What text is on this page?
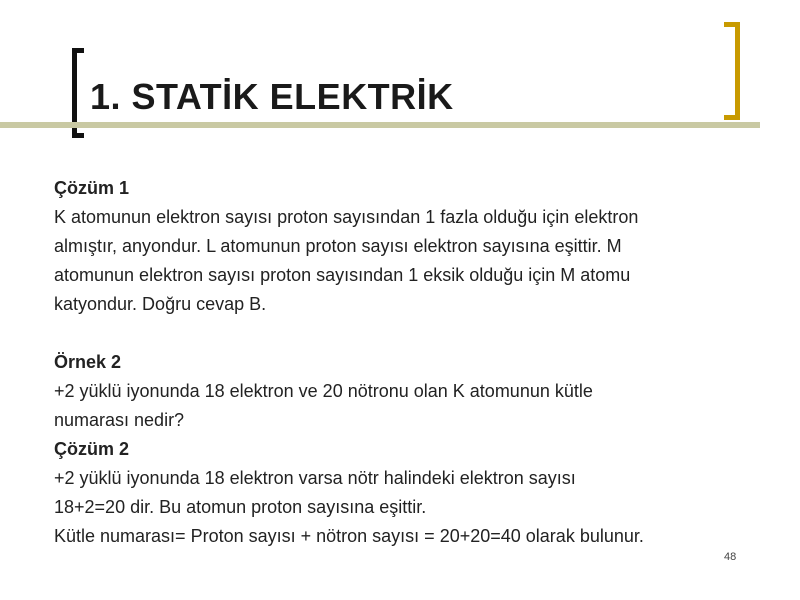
1. STATİK ELEKTRİK

Çözüm 1

K atomunun elektron sayısı proton sayısından 1 fazla olduğu için elektron

almıştır, anyondur. L atomunun proton sayısı elektron sayısına eşittir. M

atomunun elektron sayısı proton sayısından 1 eksik olduğu için M atomu

katyondur. Doğru cevap B.

Örnek 2

+2 yüklü iyonunda 18 elektron ve 20 nötronu olan K atomunun kütle

numarası nedir?

Çözüm 2

+2 yüklü iyonunda 18 elektron varsa nötr halindeki elektron sayısı

18+2=20 dir. Bu atomun proton sayısına eşittir.

Kütle numarası= Proton sayısı + nötron sayısı = 20+20=40 olarak bulunur.

48
